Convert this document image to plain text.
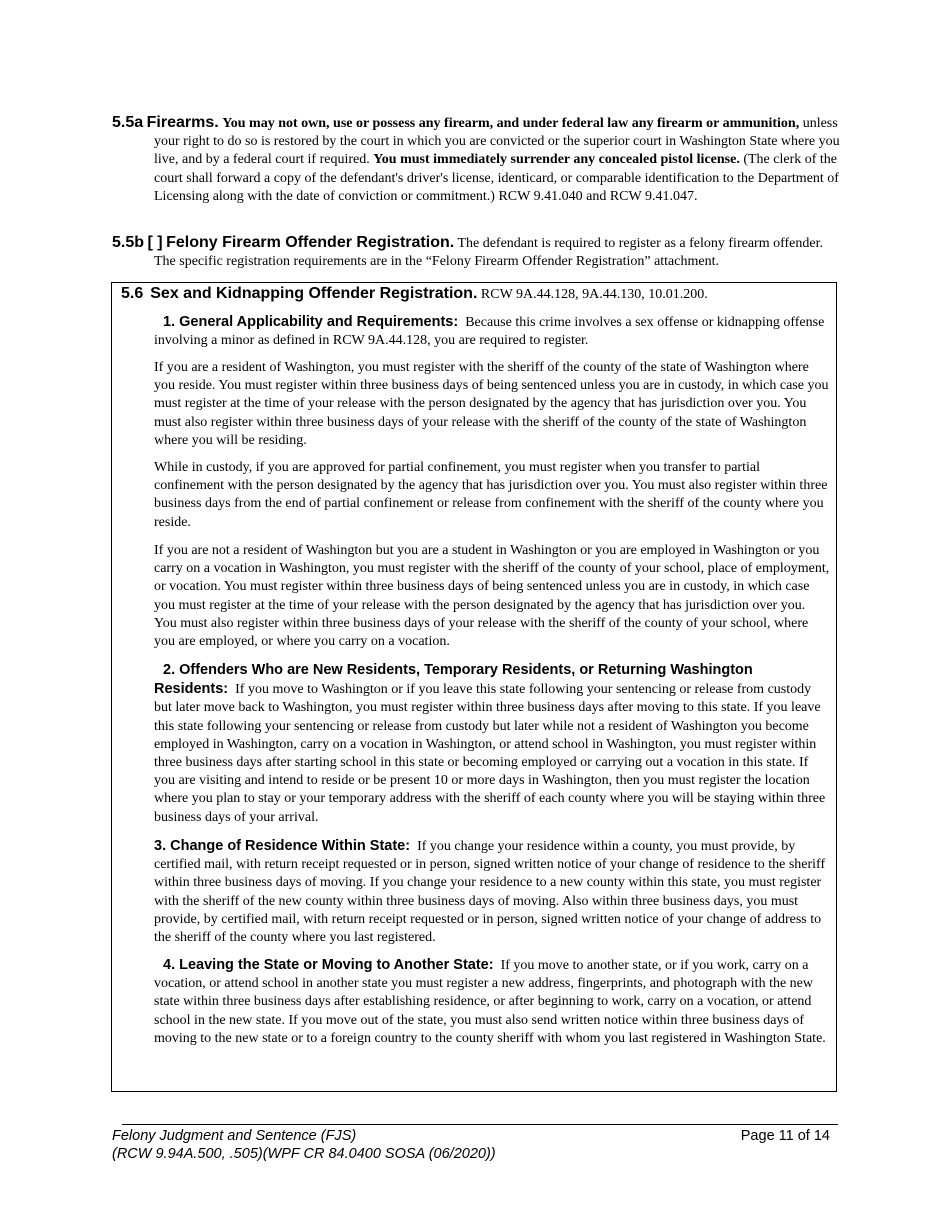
5.5a Firearms. You may not own, use or possess any firearm, and under federal law any firearm or ammunition, unless your right to do so is restored by the court in which you are convicted or the superior court in Washington State where you live, and by a federal court if required. You must immediately surrender any concealed pistol license. (The clerk of the court shall forward a copy of the defendant's driver's license, identicard, or comparable identification to the Department of Licensing along with the date of conviction or commitment.) RCW 9.41.040 and RCW 9.41.047.

5.5b [ ] Felony Firearm Offender Registration. The defendant is required to register as a felony firearm offender. The specific registration requirements are in the “Felony Firearm Offender Registration” attachment.

5.6 Sex and Kidnapping Offender Registration. RCW 9A.44.128, 9A.44.130, 10.01.200.

1. General Applicability and Requirements: Because this crime involves a sex offense or kidnapping offense involving a minor as defined in RCW 9A.44.128, you are required to register.

If you are a resident of Washington, you must register with the sheriff of the county of the state of Washington where you reside. You must register within three business days of being sentenced unless you are in custody, in which case you must register at the time of your release with the person designated by the agency that has jurisdiction over you. You must also register within three business days of your release with the sheriff of the county of the state of Washington where you will be residing.

While in custody, if you are approved for partial confinement, you must register when you transfer to partial confinement with the person designated by the agency that has jurisdiction over you. You must also register within three business days from the end of partial confinement or release from confinement with the sheriff of the county where you reside.

If you are not a resident of Washington but you are a student in Washington or you are employed in Washington or you carry on a vocation in Washington, you must register with the sheriff of the county of your school, place of employment, or vocation. You must register within three business days of being sentenced unless you are in custody, in which case you must register at the time of your release with the person designated by the agency that has jurisdiction over you. You must also register within three business days of your release with the sheriff of the county of your school, where you are employed, or where you carry on a vocation.

2. Offenders Who are New Residents, Temporary Residents, or Returning Washington Residents: If you move to Washington or if you leave this state following your sentencing or release from custody but later move back to Washington, you must register within three business days after moving to this state. If you leave this state following your sentencing or release from custody but later while not a resident of Washington you become employed in Washington, carry on a vocation in Washington, or attend school in Washington, you must register within three business days after starting school in this state or becoming employed or carrying out a vocation in this state. If you are visiting and intend to reside or be present 10 or more days in Washington, then you must register the location where you plan to stay or your temporary address with the sheriff of each county where you will be staying within three business days of your arrival.

3. Change of Residence Within State: If you change your residence within a county, you must provide, by certified mail, with return receipt requested or in person, signed written notice of your change of residence to the sheriff within three business days of moving. If you change your residence to a new county within this state, you must register with the sheriff of the new county within three business days of moving. Also within three business days, you must provide, by certified mail, with return receipt requested or in person, signed written notice of your change of address to the sheriff of the county where you last registered.

4. Leaving the State or Moving to Another State: If you move to another state, or if you work, carry on a vocation, or attend school in another state you must register a new address, fingerprints, and photograph with the new state within three business days after establishing residence, or after beginning to work, carry on a vocation, or attend school in the new state. If you move out of the state, you must also send written notice within three business days of moving to the new state or to a foreign country to the county sheriff with whom you last registered in Washington State.

Felony Judgment and Sentence (FJS)
(RCW 9.94A.500, .505)(WPF CR 84.0400 SOSA (06/2020))
Page 11 of 14
